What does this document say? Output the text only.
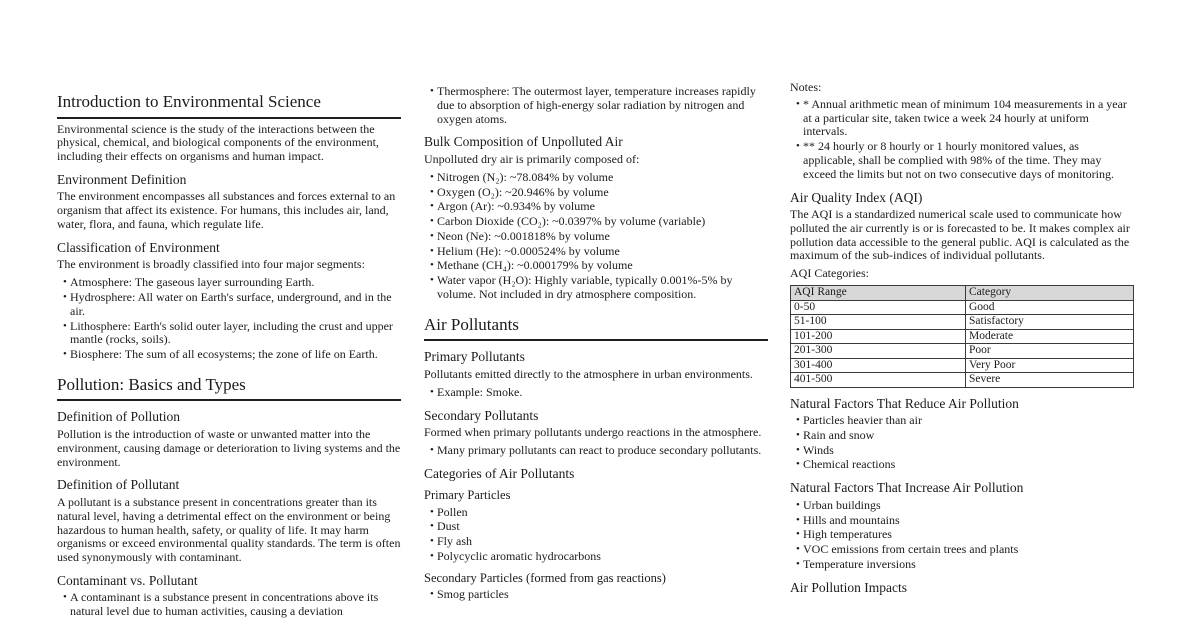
Introduction to Environmental Science

Environmental science is the study of the interactions between the physical, chemical, and biological components of the environment, including their effects on organisms and human impact.

Environment Definition

The environment encompasses all substances and forces external to an organism that affect its existence. For humans, this includes air, land, water, flora, and fauna, which regulate life.

Classification of Environment

The environment is broadly classified into four major segments:

• Atmosphere: The gaseous layer surrounding Earth.
• Hydrosphere: All water on Earth's surface, underground, and in the air.
• Lithosphere: Earth's solid outer layer, including the crust and upper mantle (rocks, soils).
• Biosphere: The sum of all ecosystems; the zone of life on Earth.
Pollution: Basics and Types
Definition of Pollution

Pollution is the introduction of waste or unwanted matter into the environment, causing damage or deterioration to living systems and the environment.

Definition of Pollutant

A pollutant is a substance present in concentrations greater than its natural level, having a detrimental effect on the environment or being hazardous to human health, safety, or quality of life. It may harm organisms or exceed environmental quality standards. The term is often used synonymously with contaminant.

Contaminant vs. Pollutant
• A contaminant is a substance present in concentrations above its natural level due to human activities, causing a deviation
• Thermosphere: The outermost layer, temperature increases rapidly due to absorption of high-energy solar radiation by nitrogen and oxygen atoms.
Bulk Composition of Unpolluted Air

Unpolluted dry air is primarily composed of:

• Nitrogen (N₂): ~78.084% by volume
• Oxygen (O₂): ~20.946% by volume
• Argon (Ar): ~0.934% by volume
• Carbon Dioxide (CO₂): ~0.0397% by volume (variable)
• Neon (Ne): ~0.001818% by volume
• Helium (He): ~0.000524% by volume
• Methane (CH₄): ~0.000179% by volume
• Water vapor (H₂O): Highly variable, typically 0.001%-5% by volume. Not included in dry atmosphere composition.
Air Pollutants
Primary Pollutants

Pollutants emitted directly to the atmosphere in urban environments.

• Example: Smoke.
Secondary Pollutants

Formed when primary pollutants undergo reactions in the atmosphere.

• Many primary pollutants can react to produce secondary pollutants.
Categories of Air Pollutants
Primary Particles
• Pollen
• Dust
• Fly ash
• Polycyclic aromatic hydrocarbons
Secondary Particles (formed from gas reactions)
• Smog particles

Notes:

• * Annual arithmetic mean of minimum 104 measurements in a year at a particular site, taken twice a week 24 hourly at uniform intervals.
• ** 24 hourly or 8 hourly or 1 hourly monitored values, as applicable, shall be complied with 98% of the time. They may exceed the limits but not on two consecutive days of monitoring.
Air Quality Index (AQI)

The AQI is a standardized numerical scale used to communicate how polluted the air currently is or is forecasted to be. It makes complex air pollution data accessible to the general public. AQI is calculated as the maximum of the sub-indices of individual pollutants.

AQI Categories:

AQI Range	Category
0-50	Good
51-100	Satisfactory
101-200	Moderate
201-300	Poor
301-400	Very Poor
401-500	Severe
Natural Factors That Reduce Air Pollution
• Particles heavier than air
• Rain and snow
• Winds
• Chemical reactions
Natural Factors That Increase Air Pollution
• Urban buildings
• Hills and mountains
• High temperatures
• VOC emissions from certain trees and plants
• Temperature inversions
Air Pollution Impacts
